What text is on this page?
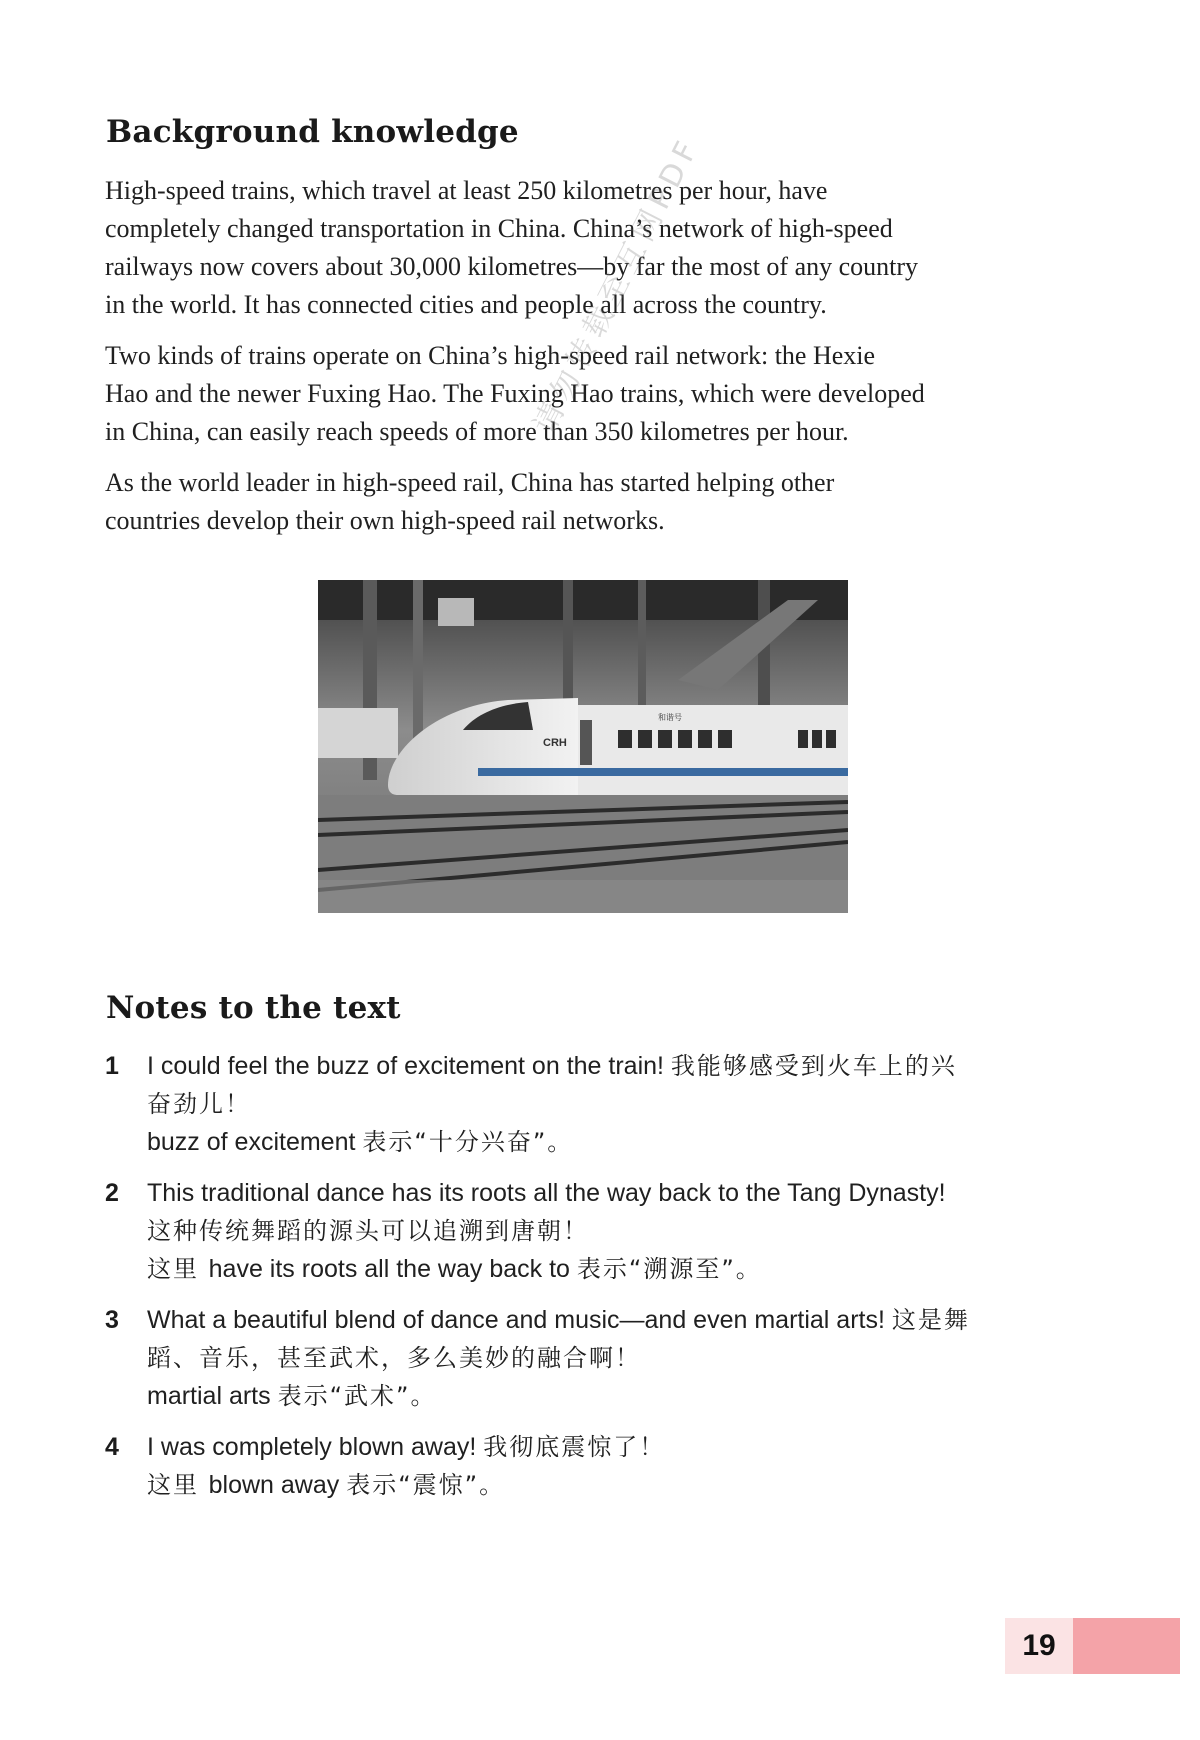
Background knowledge

High-speed trains, which travel at least 250 kilometres per hour, have
completely changed transportation in China. China’s network of high-speed
railways now covers about 30,000 kilometres—by far the most of any country
in the world. It has connected cities and people all across the country.

Two kinds of trains operate on China’s high-speed rail network: the Hexie
Hao and the newer Fuxing Hao. The Fuxing Hao trains, which were developed
in China, can easily reach speeds of more than 350 kilometres per hour.

As the world leader in high-speed rail, China has started helping other
countries develop their own high-speed rail networks.

CRH
和谐号
Notes to the text
1 I could feel the buzz of excitement on the train! 我能够感受到火车上的兴
奋劲儿！
buzz of excitement 表示“十分兴奋”。
2 This traditional dance has its roots all the way back to the Tang Dynasty!
这种传统舞蹈的源头可以追溯到唐朝！
这里 have its roots all the way back to 表示“溯源至”。
3 What a beautiful blend of dance and music—and even martial arts! 这是舞
蹈、音乐，甚至武术，多么美妙的融合啊！
martial arts 表示“武术”。
4 I was completely blown away! 我彻底震惊了！
这里 blown away 表示“震惊”。
请勿转载至互网PDF
19
